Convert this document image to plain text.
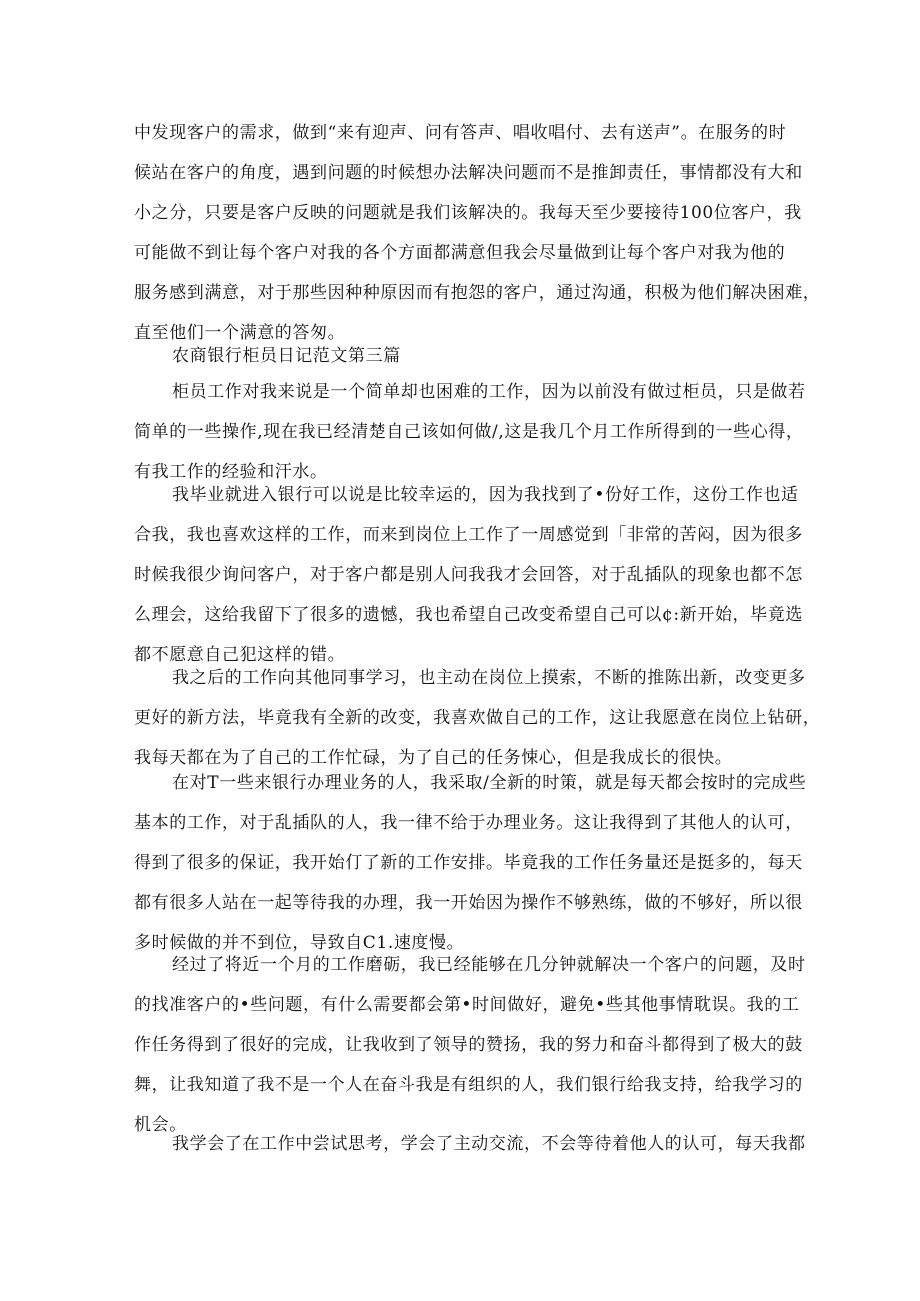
中发现客户的需求，做到“来有迎声、问有答声、唱收唱付、去有送声”。在服务的时
候站在客户的角度，遇到问题的时候想办法解决问题而不是推卸责任，事情都没有大和
小之分，只要是客户反映的问题就是我们该解决的。我每天至少要接待100位客户，我
可能做不到让每个客户对我的各个方面都满意但我会尽量做到让每个客户对我为他的
服务感到满意，对于那些因种种原因而有抱怨的客户，通过沟通，积极为他们解决困难，
直至他们一个满意的答匆。
农商银行柜员日记范文第三篇
柜员工作对我来说是一个简单却也困难的工作，因为以前没有做过柜员，只是做若
简单的一些操作,现在我已经清楚自己该如何做/,这是我几个月工作所得到的一些心得，
有我工作的经验和汗水。
我毕业就进入银行可以说是比较幸运的，因为我找到了•份好工作，这份工作也适
合我，我也喜欢这样的工作，而来到岗位上工作了一周感觉到「非常的苦闷，因为很多
时候我很少询问客户，对于客户都是别人问我我才会回答，对于乱插队的现象也都不怎
么理会，这给我留下了很多的遗憾，我也希望自己改变希望自己可以¢:新开始，毕竟选
都不愿意自己犯这样的错。
我之后的工作向其他同事学习，也主动在岗位上摸索，不断的推陈出新，改变更多
更好的新方法，毕竟我有全新的改变，我喜欢做自己的工作，这让我愿意在岗位上钻研，
我每天都在为了自己的工作忙碌，为了自己的任务悚心，但是我成长的很快。
在对T一些来银行办理业务的人，我采取/全新的时策，就是每天都会按时的完成些
基本的工作，对于乱插队的人，我一律不给于办理业务。这让我得到了其他人的认可，
得到了很多的保证，我开始仃了新的工作安排。毕竟我的工作任务量还是挺多的，每天
都有很多人站在一起等待我的办理，我一开始因为操作不够熟练，做的不够好，所以很
多时候做的并不到位，导致自C1.速度慢。
经过了将近一个月的工作磨砺，我已经能够在几分钟就解决一个客户的问题，及时
的找准客户的•些问题，有什么需要都会第•时间做好，避免•些其他事情耽误。我的工
作任务得到了很好的完成，让我收到了领导的赞扬，我的努力和奋斗都得到了极大的鼓
舞，让我知道了我不是一个人在奋斗我是有组织的人，我们银行给我支持，给我学习的
机会。
我学会了在工作中尝试思考，学会了主动交流，不会等待着他人的认可，每天我都
